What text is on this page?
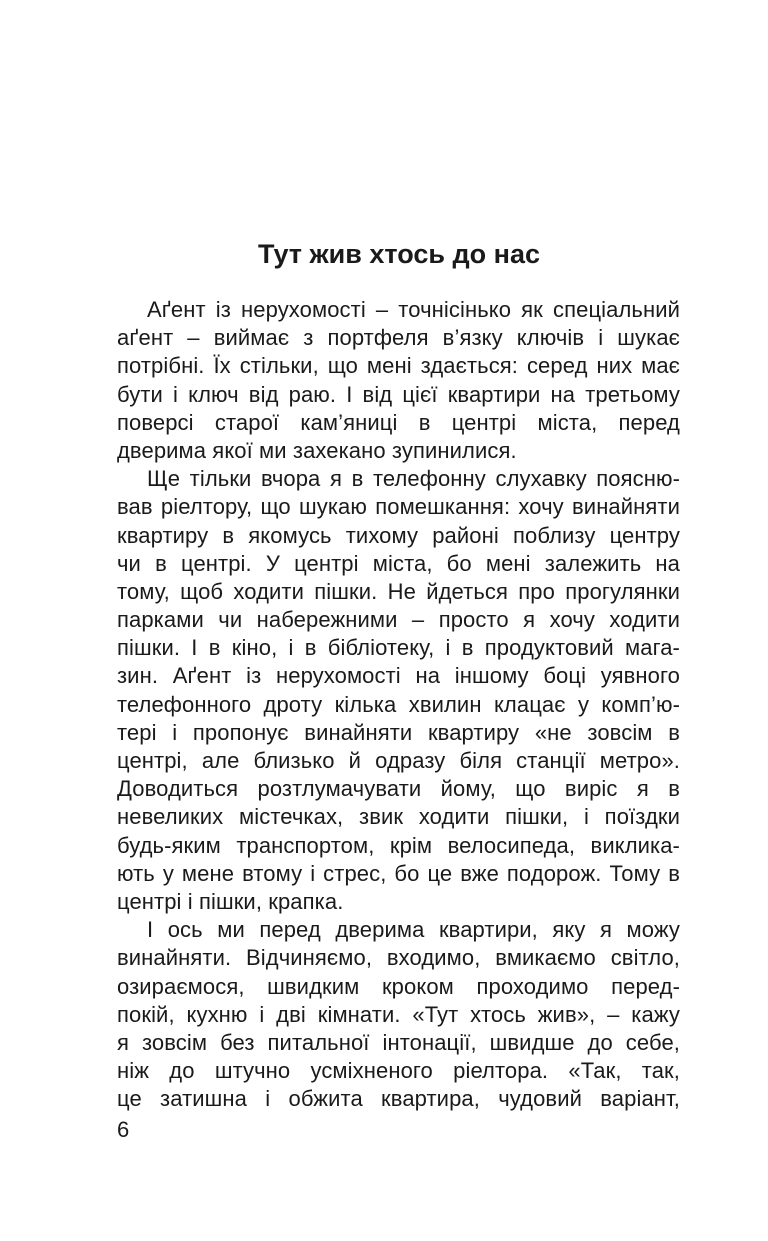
Тут жив хтось до нас
Аґент із нерухомості – точнісінько як спеціальний
аґент – виймає з портфеля в’язку ключів і шукає
потрібні. Їх стільки, що мені здається: серед них має
бути і ключ від раю. І від цієї квартири на третьому
поверсі старої кам’яниці в центрі міста, перед
дверима якої ми захекано зупинилися.
Ще тільки вчора я в телефонну слухавку поясню-
вав ріелтору, що шукаю помешкання: хочу винайняти
квартиру в якомусь тихому районі поблизу центру
чи в центрі. У центрі міста, бо мені залежить на
тому, щоб ходити пішки. Не йдеться про прогулянки
парками чи набережними – просто я хочу ходити
пішки. І в кіно, і в бібліотеку, і в продуктовий мага-
зин. Аґент із нерухомості на іншому боці уявного
телефонного дроту кілька хвилин клацає у комп’ю-
тері і пропонує винайняти квартиру «не зовсім в
центрі, але близько й одразу біля станції метро».
Доводиться розтлумачувати йому, що виріс я в
невеликих містечках, звик ходити пішки, і поїздки
будь-яким транспортом, крім велосипеда, виклика-
ють у мене втому і стрес, бо це вже подорож. Тому в
центрі і пішки, крапка.
І ось ми перед дверима квартири, яку я можу
винайняти. Відчиняємо, входимо, вмикаємо світло,
озираємося, швидким кроком проходимо перед-
покій, кухню і дві кімнати. «Тут хтось жив», – кажу
я зовсім без питальної інтонації, швидше до себе,
ніж до штучно усміхненого ріелтора. «Так, так,
це затишна і обжита квартира, чудовий варіант,
6
